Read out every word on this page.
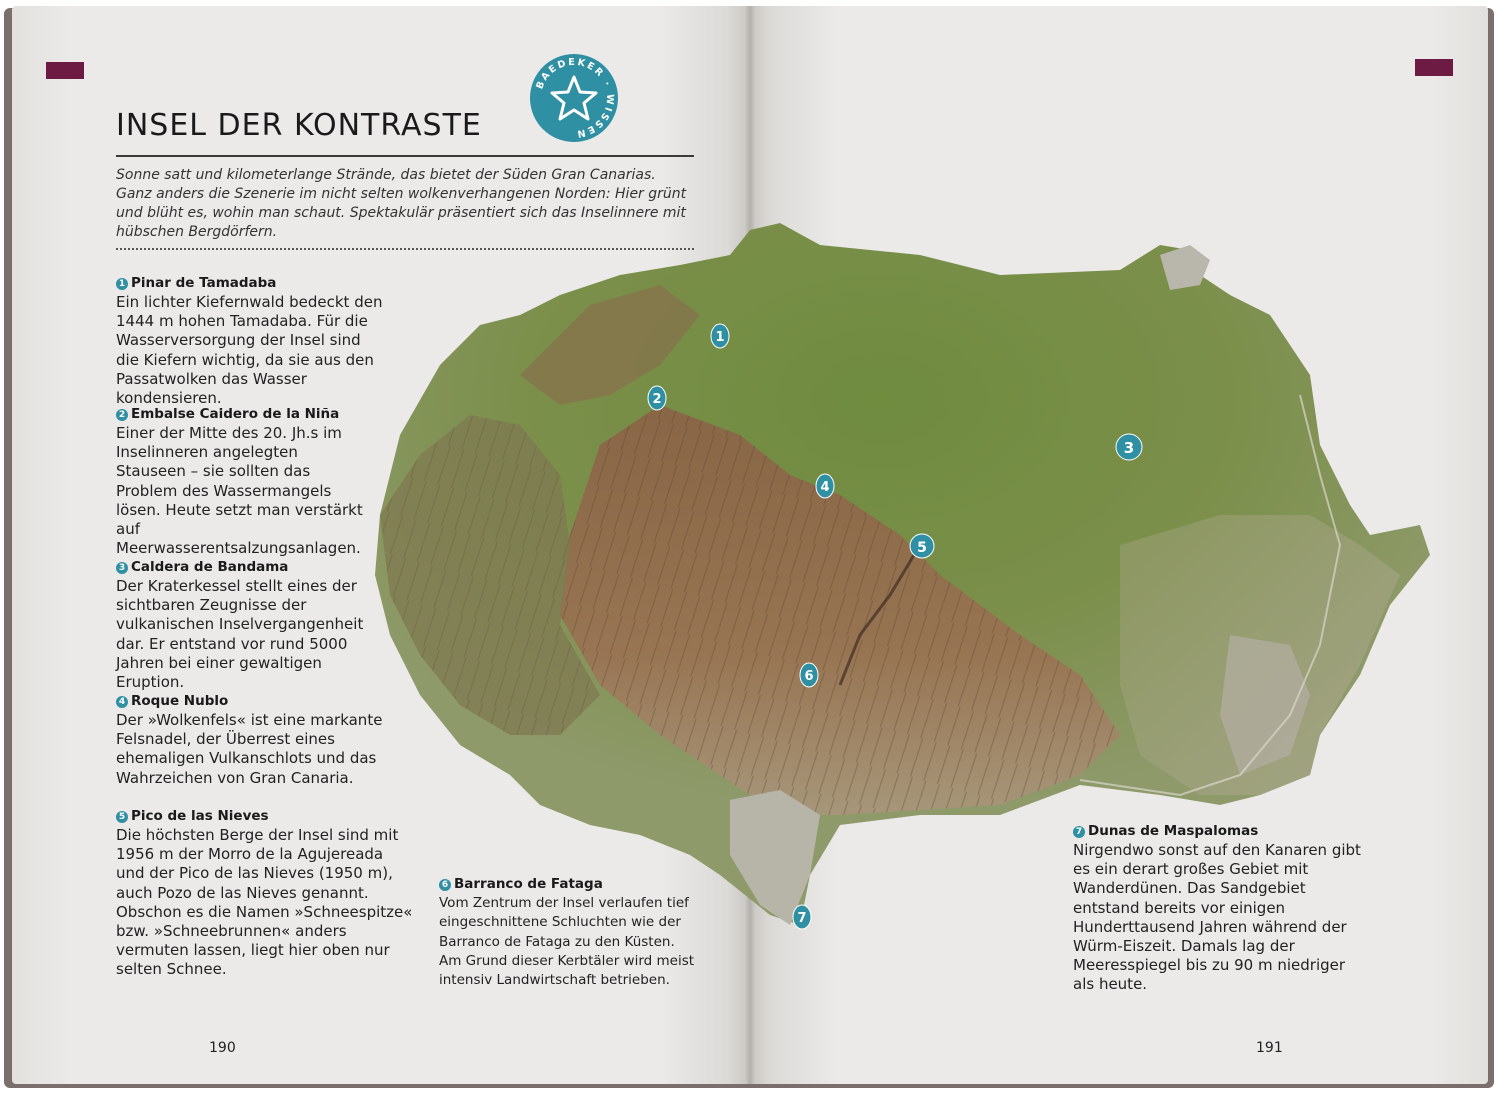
INSEL DER KONTRASTE
BAEDEKER · WISSEN

Sonne satt und kilometerlange Strände, das bietet der Süden Gran Canarias. Ganz anders die Szenerie im nicht selten wolkenverhangenen Norden: Hier grünt und blüht es, wohin man schaut. Spektakulär präsentiert sich das Inselinnere mit hübschen Bergdörfern.

1
2
3
4
5
6
7
1 Pinar de Tamadaba

Ein lichter Kiefernwald bedeckt den 1444 m hohen Tamadaba. Für die Wasserversorgung der Insel sind die Kiefern wichtig, da sie aus den Passatwolken das Wasser kondensieren.

2 Embalse Caidero de la Niña

Einer der Mitte des 20. Jh.s im Inselinneren angelegten Stauseen – sie sollten das Problem des Wassermangels lösen. Heute setzt man verstärkt auf Meerwasserentsalzungsanlagen.

3 Caldera de Bandama

Der Kraterkessel stellt eines der sichtbaren Zeugnisse der vulkanischen Inselvergangenheit dar. Er entstand vor rund 5000 Jahren bei einer gewaltigen Eruption.

4 Roque Nublo

Der »Wolkenfels« ist eine markante Felsnadel, der Überrest eines ehemaligen Vulkanschlots und das Wahrzeichen von Gran Canaria.

5 Pico de las Nieves

Die höchsten Berge der Insel sind mit 1956 m der Morro de la Agujereada und der Pico de las Nieves (1950 m), auch Pozo de las Nieves genannt. Obschon es die Namen »Schneespitze« bzw. »Schneebrunnen« anders vermuten lassen, liegt hier oben nur selten Schnee.

6 Barranco de Fataga

Vom Zentrum der Insel verlaufen tief eingeschnittene Schluchten wie der Barranco de Fataga zu den Küsten. Am Grund dieser Kerbtäler wird meist intensiv Landwirtschaft betrieben.

7 Dunas de Maspalomas

Nirgendwo sonst auf den Kanaren gibt es ein derart großes Gebiet mit Wanderdünen. Das Sandgebiet entstand bereits vor einigen Hunderttausend Jahren während der Würm-Eiszeit. Damals lag der Meeresspiegel bis zu 90 m niedriger als heute.

190	191
